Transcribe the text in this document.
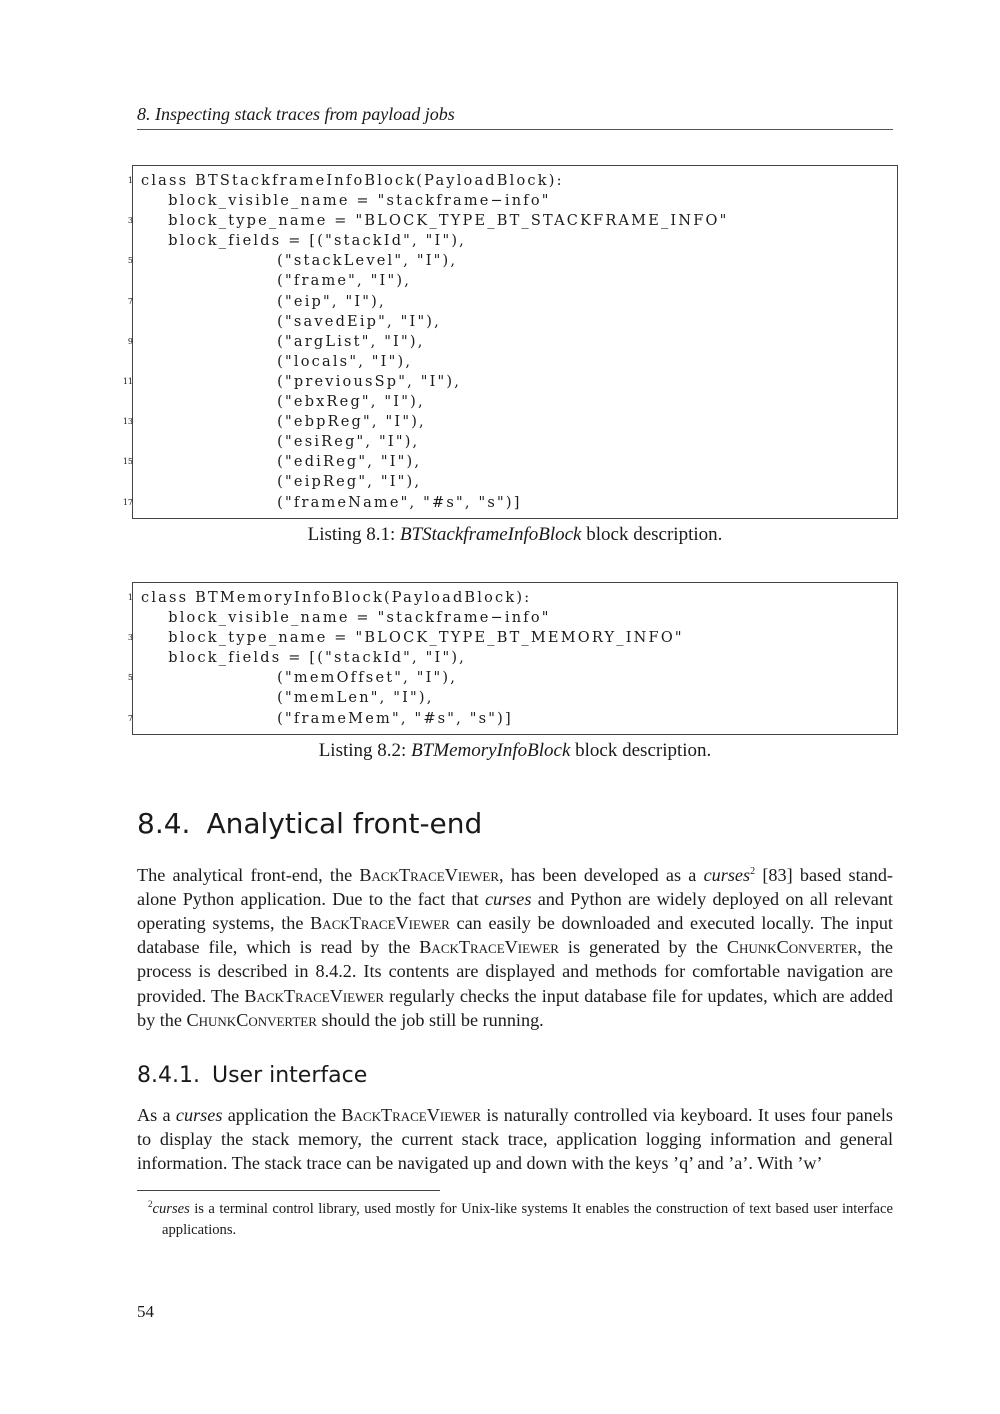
8. Inspecting stack traces from payload jobs
1 class BTStackframeInfoBlock(PayloadBlock):
block_visible_name = "stackframe−info"
3 block_type_name = "BLOCK_TYPE_BT_STACKFRAME_INFO"
block_fields = [("stackId", "I"),
5 ("stackLevel", "I"),
("frame", "I"),
7 ("eip", "I"),
("savedEip", "I"),
9 ("argList", "I"),
("locals", "I"),
11 ("previousSp", "I"),
("ebxReg", "I"),
13 ("ebpReg", "I"),
("esiReg", "I"),
15 ("ediReg", "I"),
("eipReg", "I"),
17 ("frameName", "#s", "s")]
Listing 8.1: BTStackframeInfoBlock block description.
1 class BTMemoryInfoBlock(PayloadBlock):
block_visible_name = "stackframe−info"
3 block_type_name = "BLOCK_TYPE_BT_MEMORY_INFO"
block_fields = [("stackId", "I"),
5 ("memOffset", "I"),
("memLen", "I"),
7 ("frameMem", "#s", "s")]
Listing 8.2: BTMemoryInfoBlock block description.
8.4. Analytical front-end

The analytical front-end, the BackTraceViewer, has been developed as a curses$^2$ [83] based stand-alone Python application. Due to the fact that curses and Python are widely deployed on all relevant operating systems, the BackTraceViewer can easily be downloaded and executed locally. The input database file, which is read by the BackTraceViewer is generated by the ChunkConverter, the process is described in 8.4.2. Its contents are displayed and methods for comfortable navigation are provided. The BackTraceViewer regularly checks the input database file for updates, which are added by the ChunkConverter should the job still be running.

8.4.1. User interface

As a curses application the BackTraceViewer is naturally controlled via keyboard. It uses four panels to display the stack memory, the current stack trace, application logging information and general information. The stack trace can be navigated up and down with the keys ’q’ and ’a’. With ’w’

$^2$curses is a terminal control library, used mostly for Unix-like systems It enables the construction of text based user interface applications.

54
